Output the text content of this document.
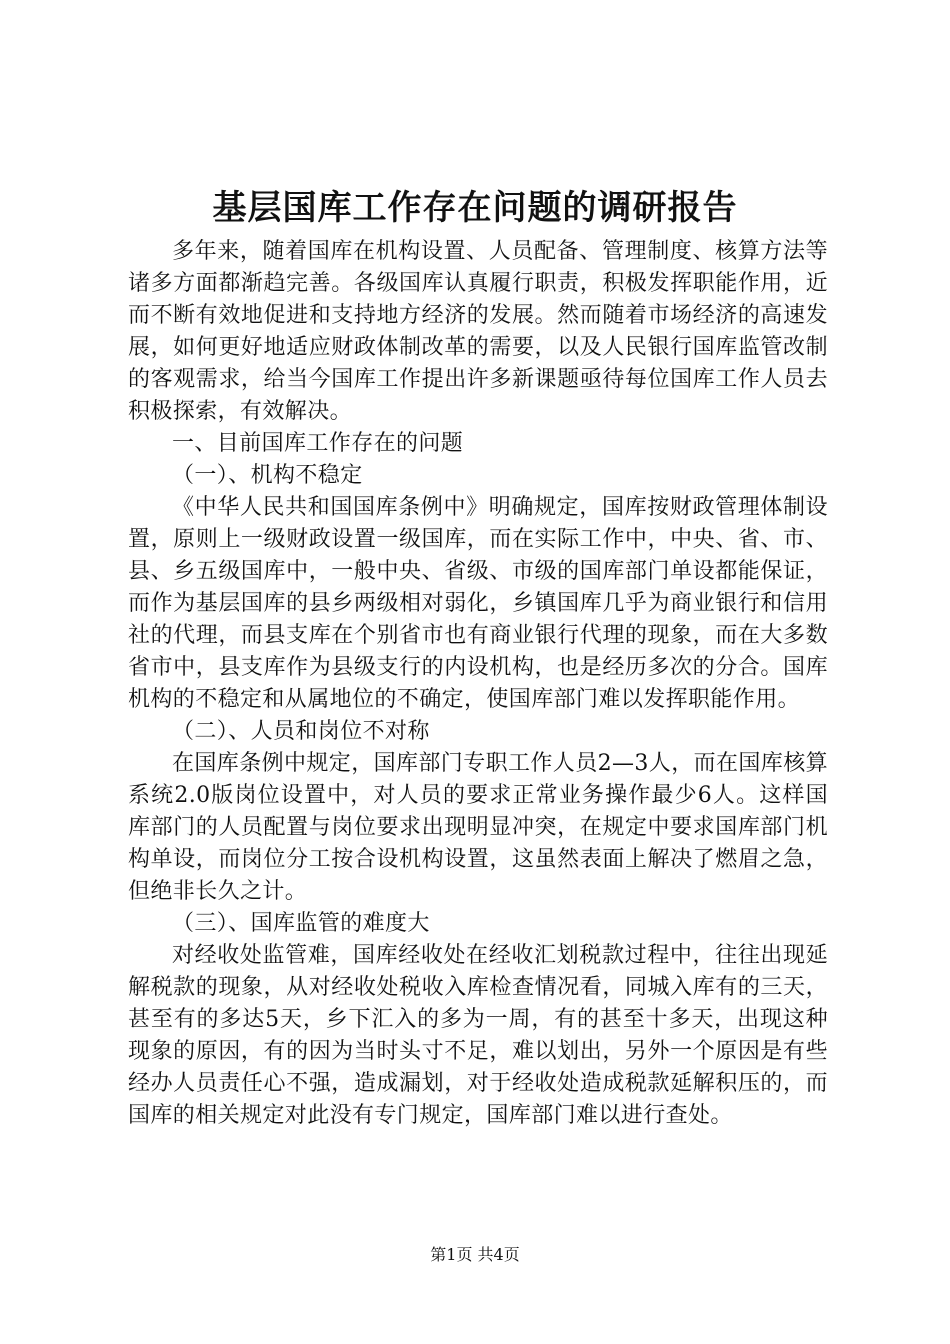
基层国库工作存在问题的调研报告

多年来，随着国库在机构设置、人员配备、管理制度、核算方法等诸多方面都渐趋完善。各级国库认真履行职责，积极发挥职能作用，近而不断有效地促进和支持地方经济的发展。然而随着市场经济的高速发展，如何更好地适应财政体制改革的需要，以及人民银行国库监管改制的客观需求，给当今国库工作提出许多新课题亟待每位国库工作人员去积极探索，有效解决。

一、目前国库工作存在的问题

（一）、机构不稳定

《中华人民共和国国库条例中》明确规定，国库按财政管理体制设置，原则上一级财政设置一级国库，而在实际工作中，中央、省、市、县、乡五级国库中，一般中央、省级、市级的国库部门单设都能保证，而作为基层国库的县乡两级相对弱化，乡镇国库几乎为商业银行和信用社的代理，而县支库在个别省市也有商业银行代理的现象，而在大多数省市中，县支库作为县级支行的内设机构，也是经历多次的分合。国库机构的不稳定和从属地位的不确定，使国库部门难以发挥职能作用。

（二）、人员和岗位不对称

在国库条例中规定，国库部门专职工作人员2—3人，而在国库核算系统2.0版岗位设置中，对人员的要求正常业务操作最少6人。这样国库部门的人员配置与岗位要求出现明显冲突，在规定中要求国库部门机构单设，而岗位分工按合设机构设置，这虽然表面上解决了燃眉之急，但绝非长久之计。

（三）、国库监管的难度大

对经收处监管难，国库经收处在经收汇划税款过程中，往往出现延解税款的现象，从对经收处税收入库检查情况看，同城入库有的三天，甚至有的多达5天，乡下汇入的多为一周，有的甚至十多天，出现这种现象的原因，有的因为当时头寸不足，难以划出，另外一个原因是有些经办人员责任心不强，造成漏划，对于经收处造成税款延解积压的，而国库的相关规定对此没有专门规定，国库部门难以进行查处。

第1页 共4页
